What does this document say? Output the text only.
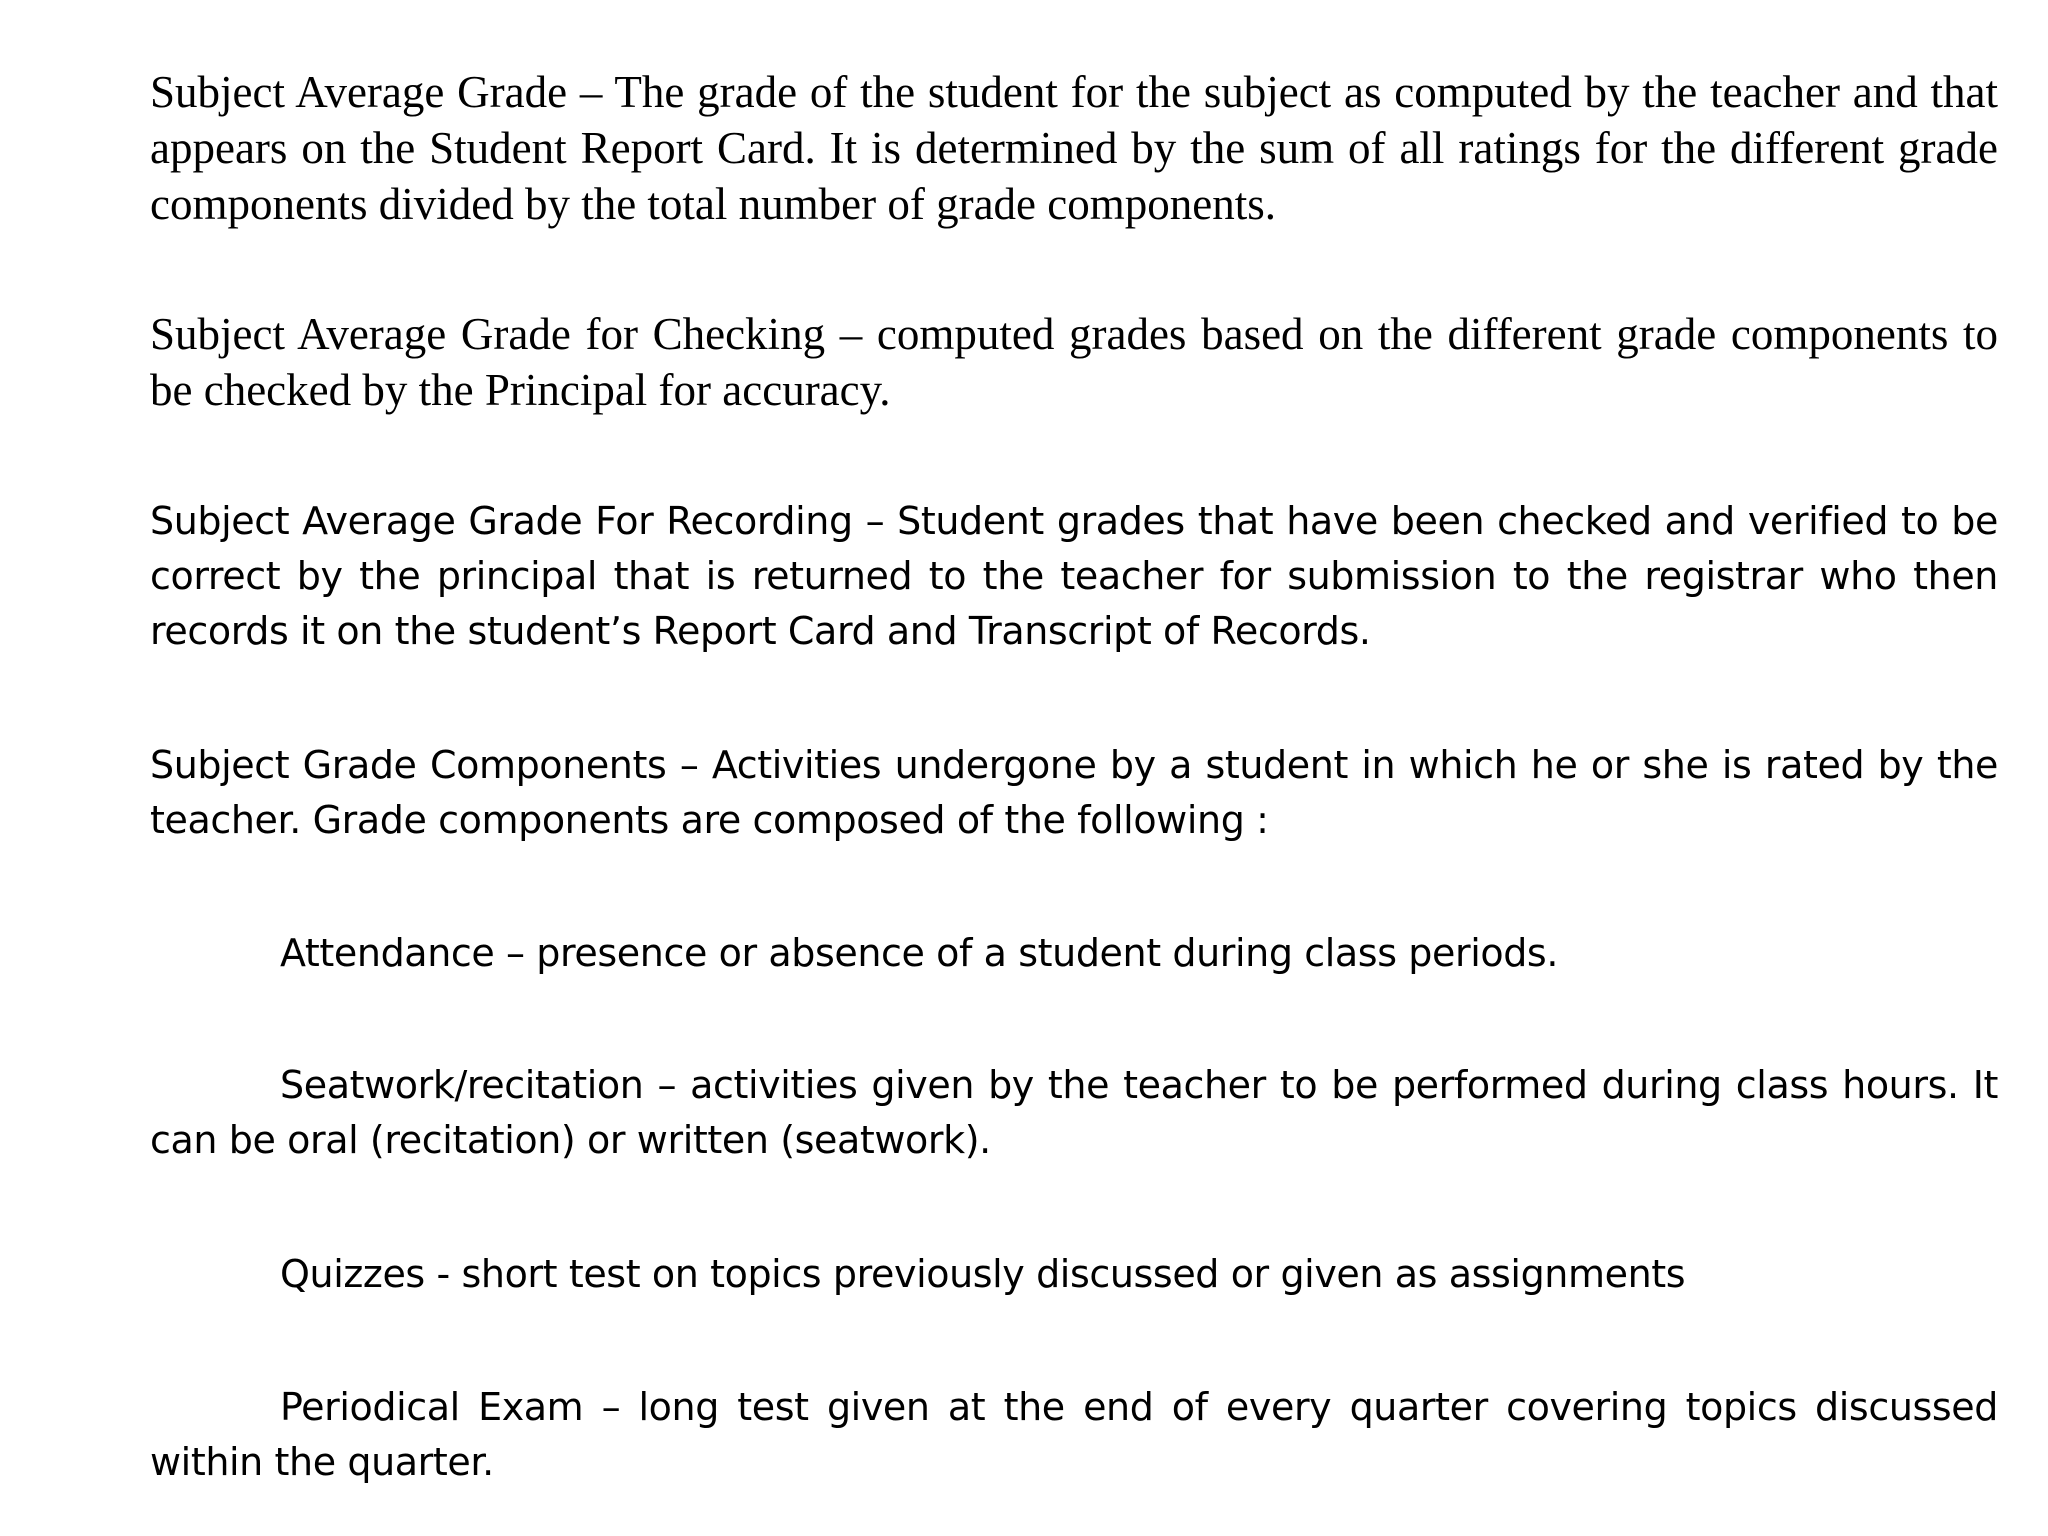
Subject Average Grade – The grade of the student for the subject as computed by the teacher and that appears on the Student Report Card. It is determined by the sum of all ratings for the different grade components divided by the total number of grade components.

Subject Average Grade for Checking – computed grades based on the different grade components to be checked by the Principal for accuracy.

Subject Average Grade For Recording – Student grades that have been checked and verified to be correct by the principal that is returned to the teacher for submission to the registrar who then records it on the student’s Report Card and Transcript of Records.

Subject Grade Components – Activities undergone by a student in which he or she is rated by the teacher. Grade components are composed of the following :

Attendance – presence or absence of a student during class periods.

Seatwork/recitation – activities given by the teacher to be performed during class hours. It can be oral (recitation) or written (seatwork).

Quizzes - short test on topics previously discussed or given as assignments

Periodical Exam – long test given at the end of every quarter covering topics discussed within the quarter.
